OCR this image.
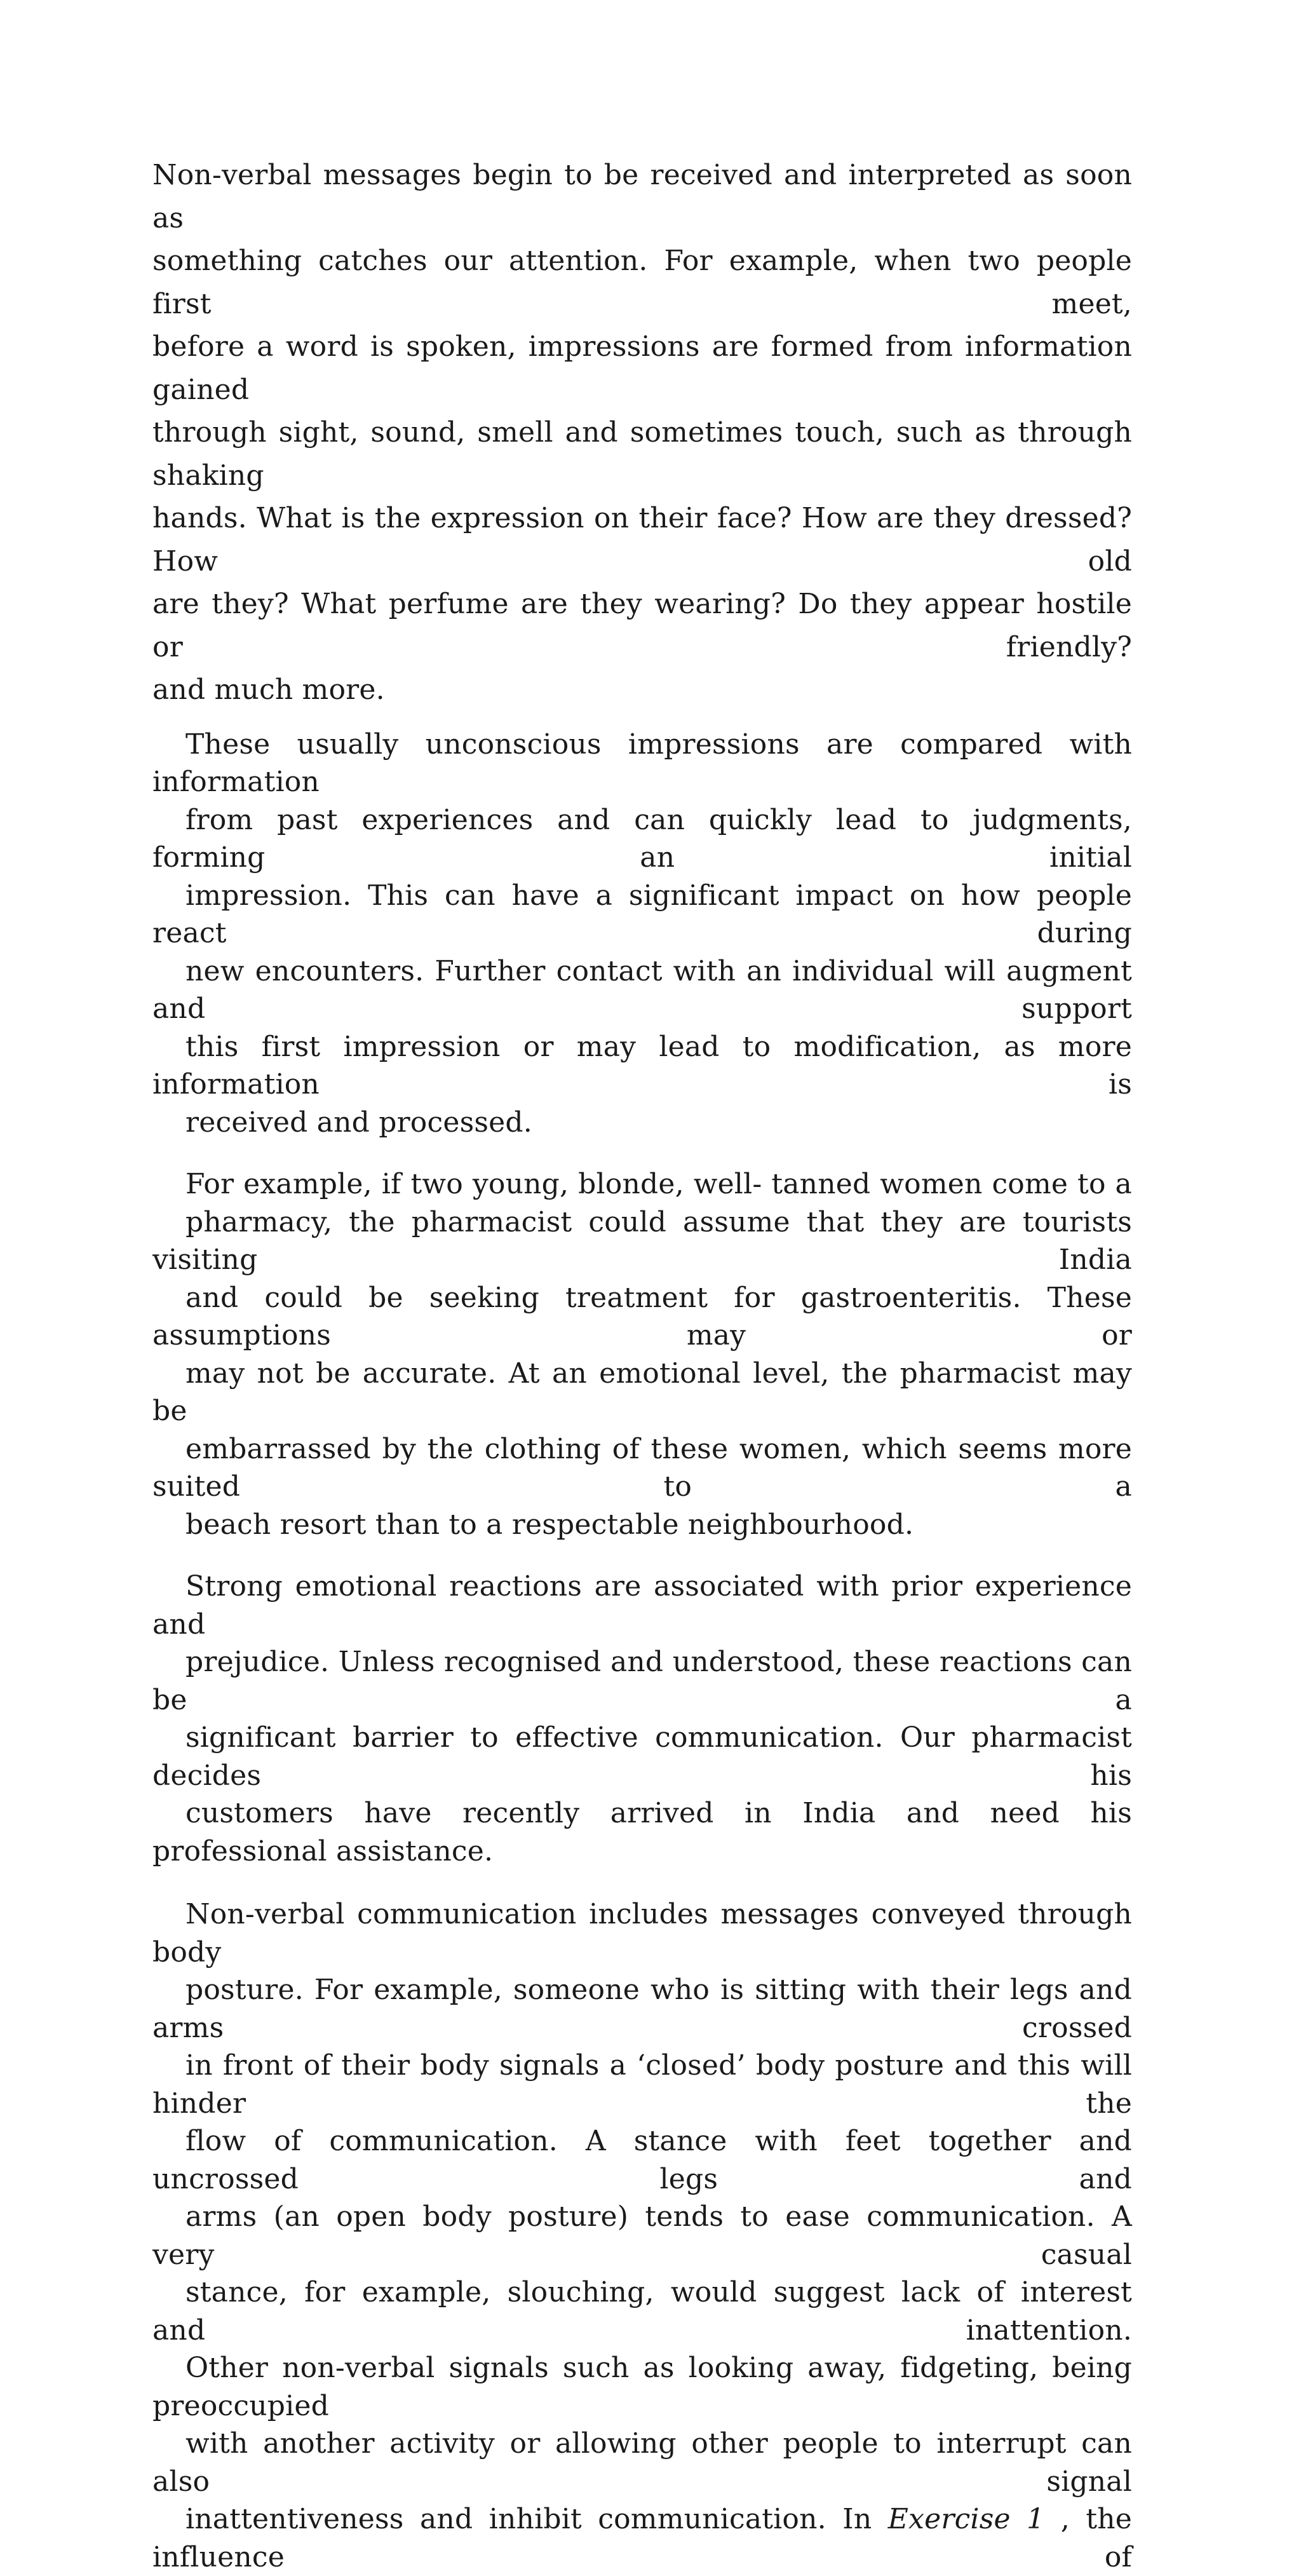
Non-verbal messages begin to be received and interpreted as soon as
something catches our attention. For example, when two people first meet,
before a word is spoken, impressions are formed from information gained
through sight, sound, smell and sometimes touch, such as through shaking
hands. What is the expression on their face? How are they dressed? How old
are they? What perfume are they wearing? Do they appear hostile or friendly?
and much more.

These usually unconscious impressions are compared with information
from past experiences and can quickly lead to judgments, forming an initial
impression. This can have a significant impact on how people react during
new encounters. Further contact with an individual will augment and support
this first impression or may lead to modification, as more information is
received and processed.

For example, if two young, blonde, well- tanned women come to a
pharmacy, the pharmacist could assume that they are tourists visiting India
and could be seeking treatment for gastroenteritis. These assumptions may or
may not be accurate. At an emotional level, the pharmacist may be
embarrassed by the clothing of these women, which seems more suited to a
beach resort than to a respectable neighbourhood.

Strong emotional reactions are associated with prior experience and
prejudice. Unless recognised and understood, these reactions can be a
significant barrier to effective communication. Our pharmacist decides his
customers have recently arrived in India and need his professional assistance.

Non-verbal communication includes messages conveyed through body
posture. For example, someone who is sitting with their legs and arms crossed
in front of their body signals a ‘closed’ body posture and this will hinder the
flow of communication. A stance with feet together and uncrossed legs and
arms (an open body posture) tends to ease communication. A very casual
stance, for example, slouching, would suggest lack of interest and inattention.
Other non-verbal signals such as looking away, fidgeting, being preoccupied
with another activity or allowing other people to interrupt can also signal
inattentiveness and inhibit communication. In Exercise 1 , the influence of
